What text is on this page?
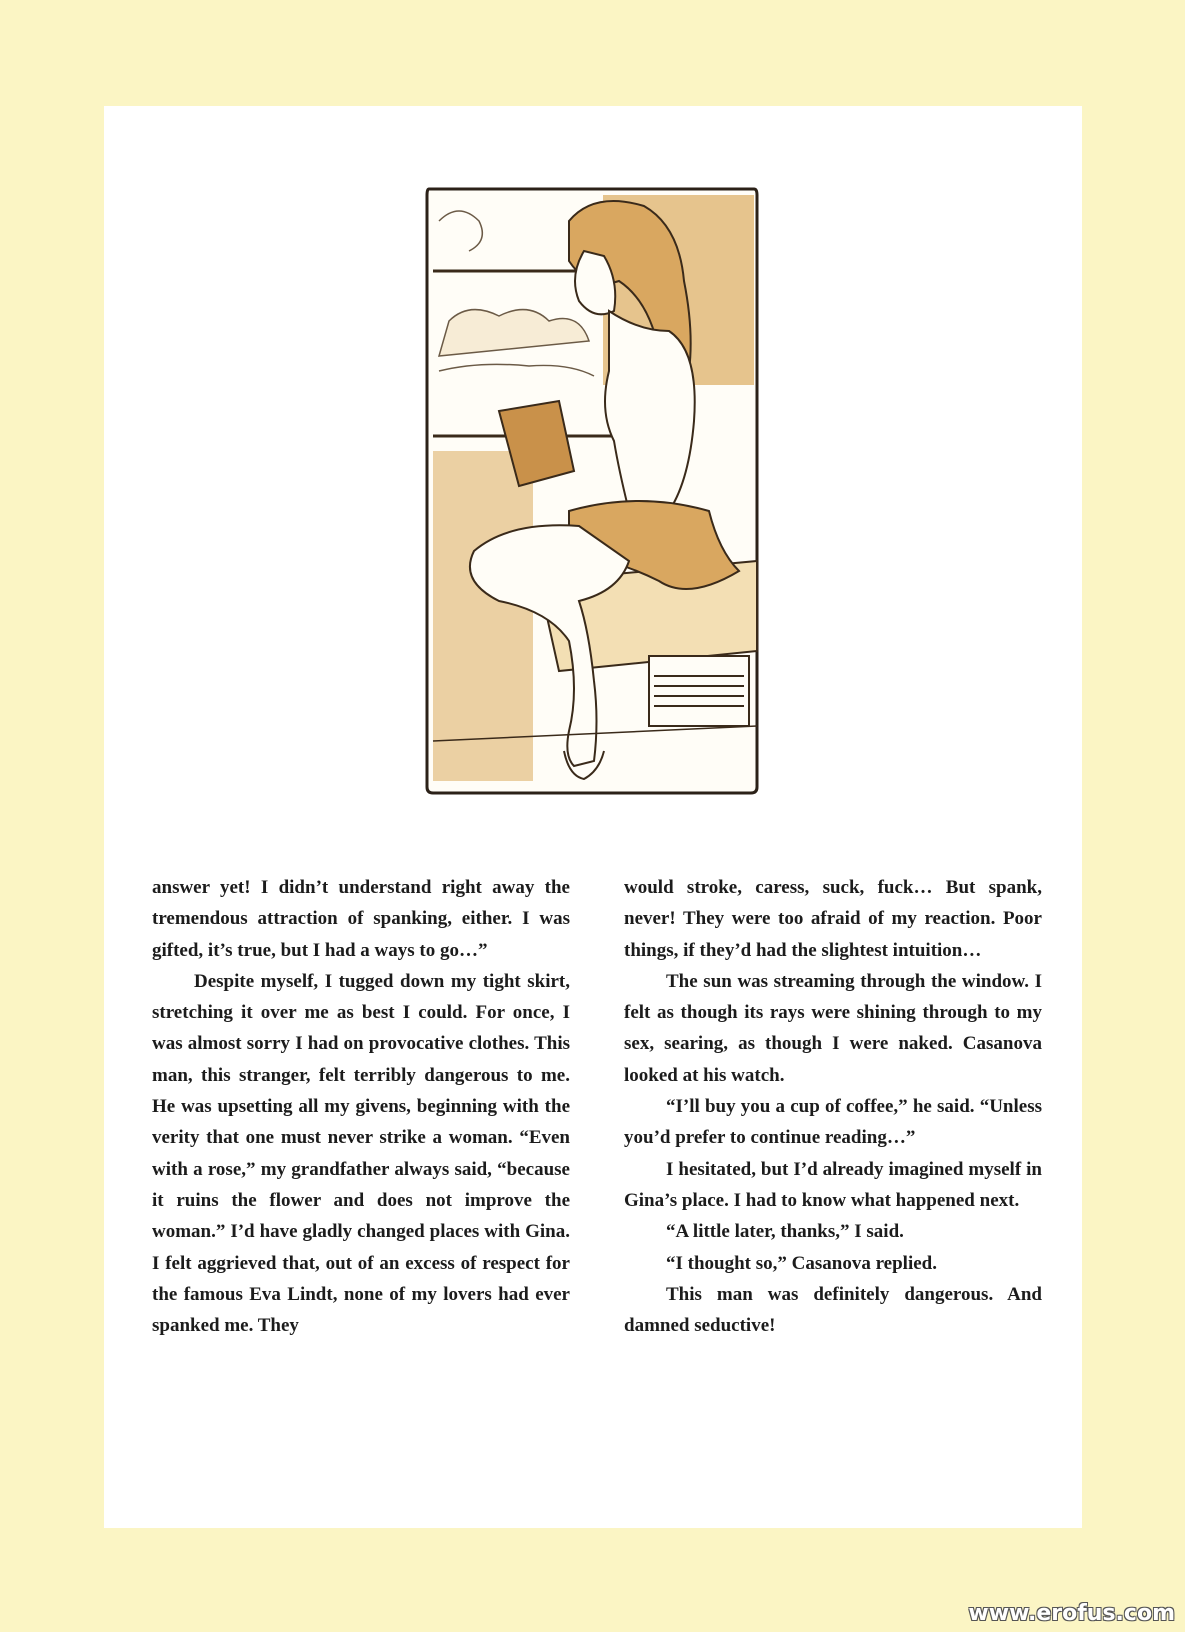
answer yet! I didn’t understand right away the tremendous attraction of spanking, either. I was gifted, it’s true, but I had a ways to go…”

Despite myself, I tugged down my tight skirt, stretching it over me as best I could. For once, I was almost sorry I had on provocative clothes. This man, this stranger, felt terribly dangerous to me. He was upsetting all my givens, beginning with the verity that one must never strike a woman. “Even with a rose,” my grandfather always said, “because it ruins the flower and does not improve the woman.” I’d have gladly changed places with Gina. I felt aggrieved that, out of an excess of respect for the famous Eva Lindt, none of my lovers had ever spanked me. They

would stroke, caress, suck, fuck… But spank, never! They were too afraid of my reaction. Poor things, if they’d had the slightest intuition…

The sun was streaming through the window. I felt as though its rays were shining through to my sex, searing, as though I were naked. Casanova looked at his watch.

“I’ll buy you a cup of coffee,” he said. “Unless you’d prefer to continue reading…”

I hesitated, but I’d already imagined myself in Gina’s place. I had to know what happened next.

“A little later, thanks,” I said.

“I thought so,” Casanova replied.

This man was definitely dangerous. And damned seductive!

www.erofus.com
